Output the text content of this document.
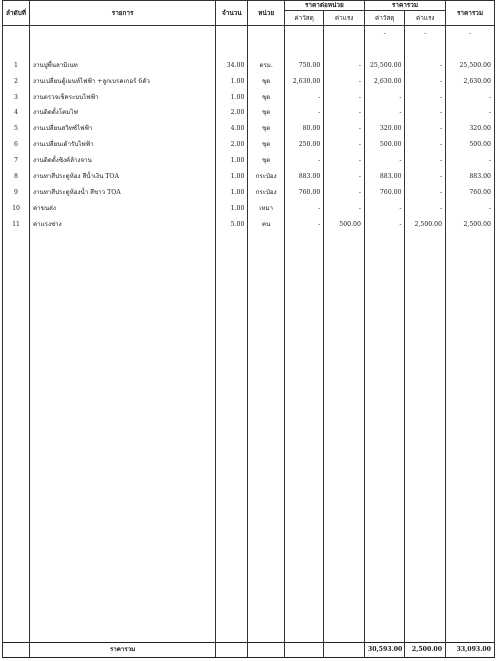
ลำดับที่	รายการ	จำนวน	หน่วย	ราคาต่อหน่วย		ราคารวม		ราคารวม
				ค่าวัสดุ	ค่าแรง	ค่าวัสดุ	ค่าแรง	
						-	-	-

1	งานปูพื้นลามิเนท	34.00	ตรม.	750.00	-	25,500.00	-	25,500.00
2	งานเปลี่ยนตู้เมนท์ไฟฟ้า +ลูกเบรคเกอร์ 6ตัว	1.00	ชุด	2,630.00	-	2,630.00	-	2,630.00
3	งานตรวจเช็คระบบไฟฟ้า	1.00	ชุด	-	-	-	-	-
4	งานติดตั้งโคมไฟ	2.00	ชุด	-	-	-	-	-
5	งานเปลี่ยนสวิทซ์ไฟฟ้า	4.00	ชุด	80.00	-	320.00	-	320.00
6	งานเปลี่ยนเต้ารับไฟฟ้า	2.00	ชุด	250.00	-	500.00	-	500.00
7	งานติดตั้งซิงค์ล้างจาน	1.00	ชุด	-	-	-	-	-
8	งานทาสีประตูห้อง สีน้ำเงิน TOA	1.00	กระป๋อง	883.00	-	883.00	-	883.00
9	งานทาสีประตูห้องน้ำ สีขาว TOA	1.00	กระป๋อง	760.00	-	760.00	-	760.00
10	ค่าขนส่ง	1.00	เหมา	-	-	-	-	-
11	ค่าแรงช่าง	5.00	คน	-	500.00	-	2,500.00	2,500.00

	ราคารวม					30,593.00	2,500.00	33,093.00
